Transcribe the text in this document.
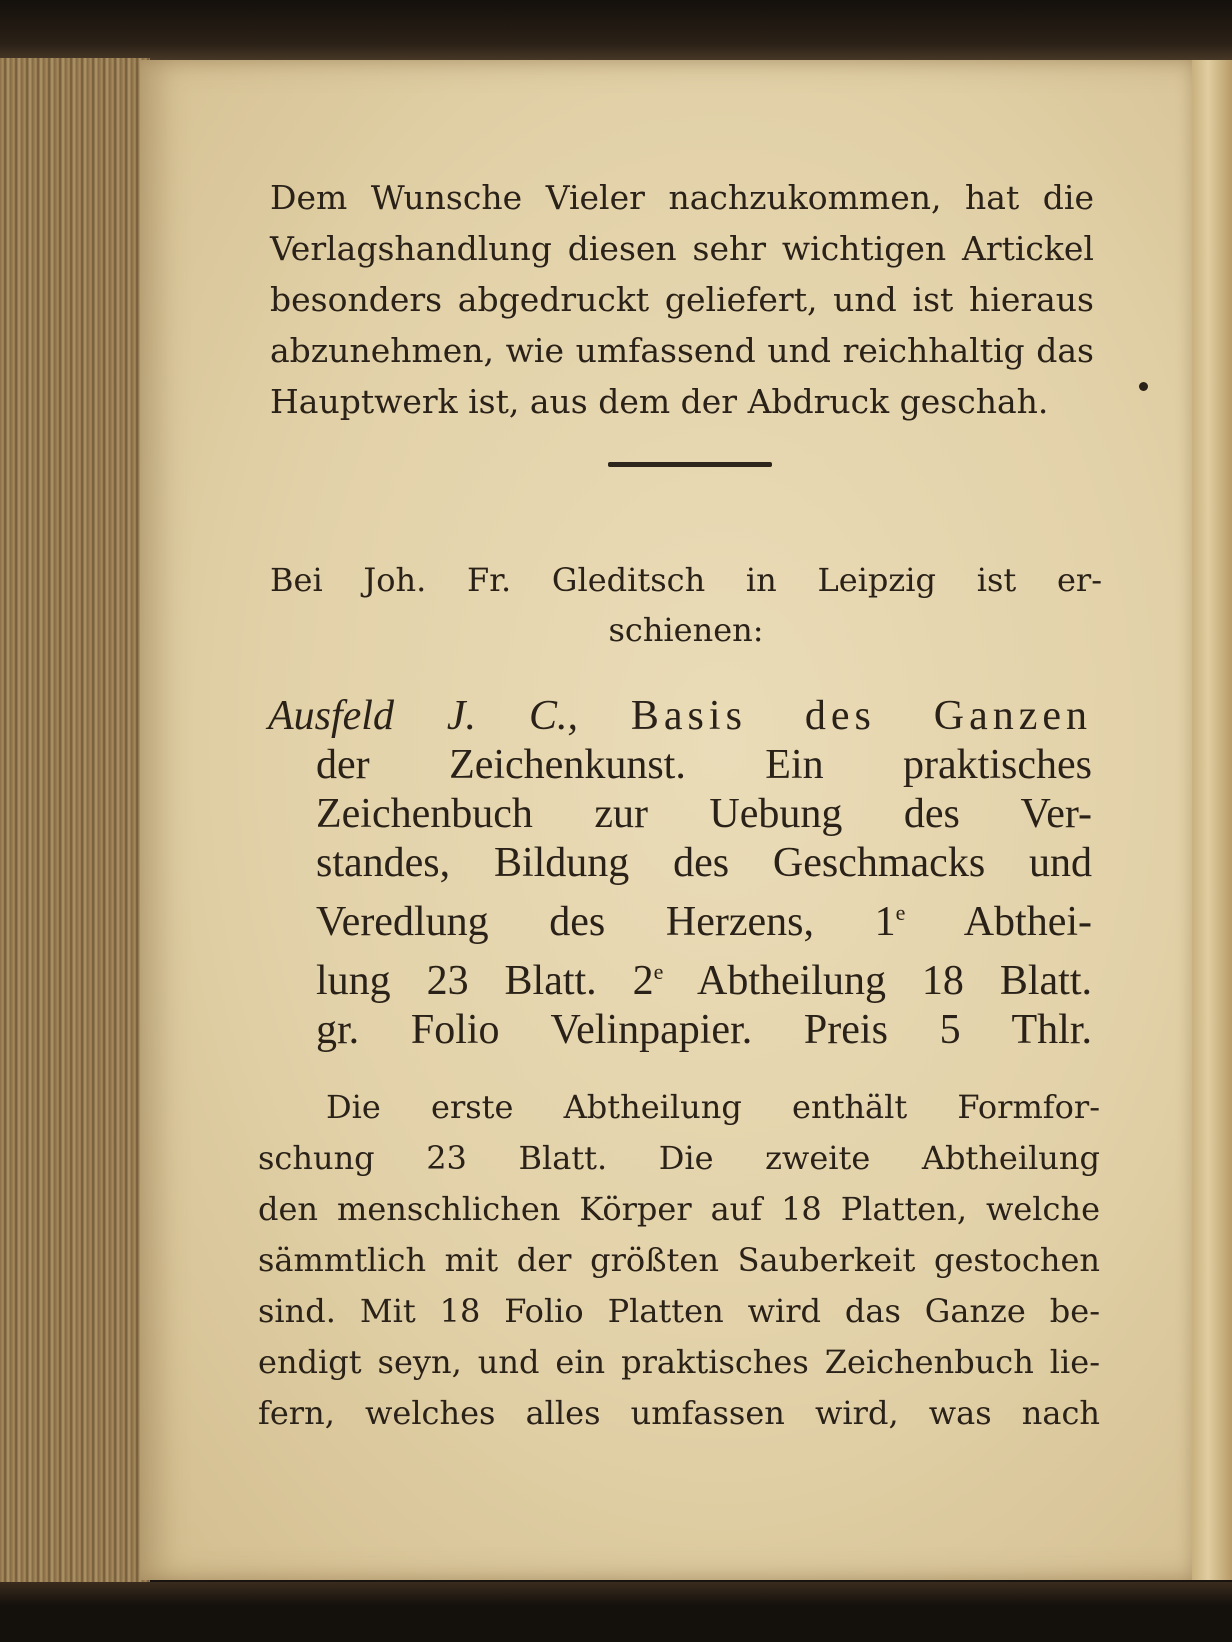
Dem Wunsche Vieler nachzukommen, hat die
Verlagshandlung diesen sehr wichtigen Artickel
besonders abgedruckt geliefert, und ist hieraus
abzunehmen, wie umfassend und reichhaltig das
Hauptwerk ist, aus dem der Abdruck geschah.
Bei Joh. Fr. Gleditsch in Leipzig ist er-
schienen:
Ausfeld J. C., Basis des Ganzen
der Zeichenkunst. Ein praktisches
Zeichenbuch zur Uebung des Ver-
standes, Bildung des Geschmacks und
Veredlung des Herzens, 1e Abthei-
lung 23 Blatt. 2e Abtheilung 18 Blatt.
gr. Folio Velinpapier. Preis 5 Thlr.
Die erste Abtheilung enthält Formfor-
schung 23 Blatt. Die zweite Abtheilung
den menschlichen Körper auf 18 Platten, welche
sämmtlich mit der größten Sauberkeit gestochen
sind. Mit 18 Folio Platten wird das Ganze be-
endigt seyn, und ein praktisches Zeichenbuch lie-
fern, welches alles umfassen wird, was nach
